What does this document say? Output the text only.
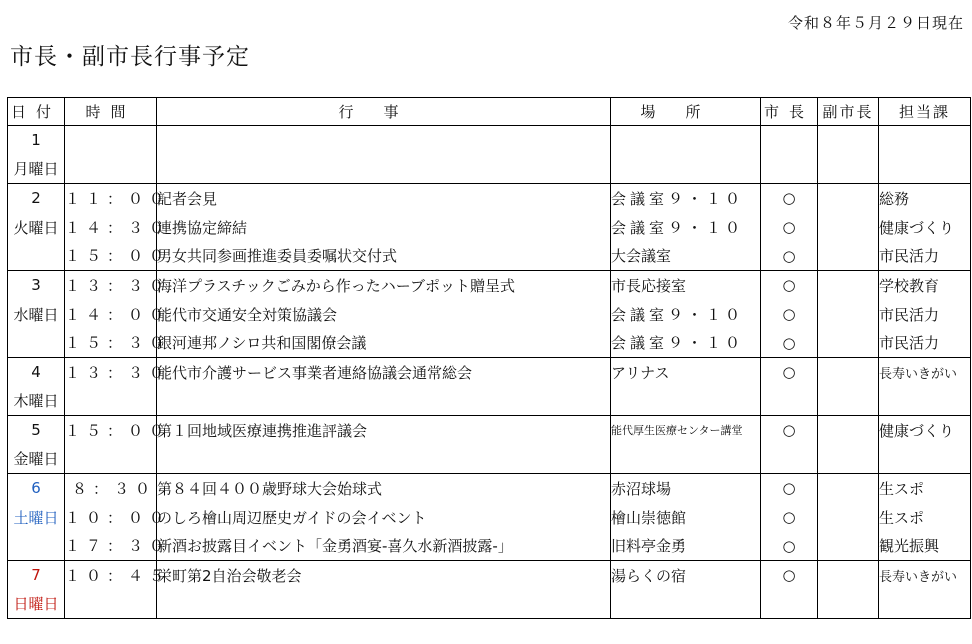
令和８年５月２９日現在
市長・副市長行事予定
日付	時間	行事	場所	市長	副市長	担当課
1						
月曜日						
2	１１：００	記者会見	会議室９・１０	○		総務
火曜日	１４：３０	連携協定締結	会議室９・１０	○		健康づくり
	１５：００	男女共同参画推進委員委嘱状交付式	大会議室	○		市民活力
3	１３：３０	海洋プラスチックごみから作ったハーブポット贈呈式	市長応接室	○		学校教育
水曜日	１４：００	能代市交通安全対策協議会	会議室９・１０	○		市民活力
	１５：３０	銀河連邦ノシロ共和国閣僚会議	会議室９・１０	○		市民活力
4	１３：３０	能代市介護サービス事業者連絡協議会通常総会	アリナス	○		長寿いきがい
木曜日						
5	１５：００	第１回地域医療連携推進評議会	能代厚生医療センター講堂	○		健康づくり
金曜日						
6	８：３０	第８４回４００歳野球大会始球式	赤沼球場	○		生スポ
土曜日	１０：００	のしろ檜山周辺歴史ガイドの会イベント	檜山崇徳館	○		生スポ
	１７：３０	新酒お披露目イベント「金勇酒宴-喜久水新酒披露-」	旧料亭金勇	○		観光振興
7	１０：４５	栄町第2自治会敬老会	湯らくの宿	○		長寿いきがい
日曜日						
